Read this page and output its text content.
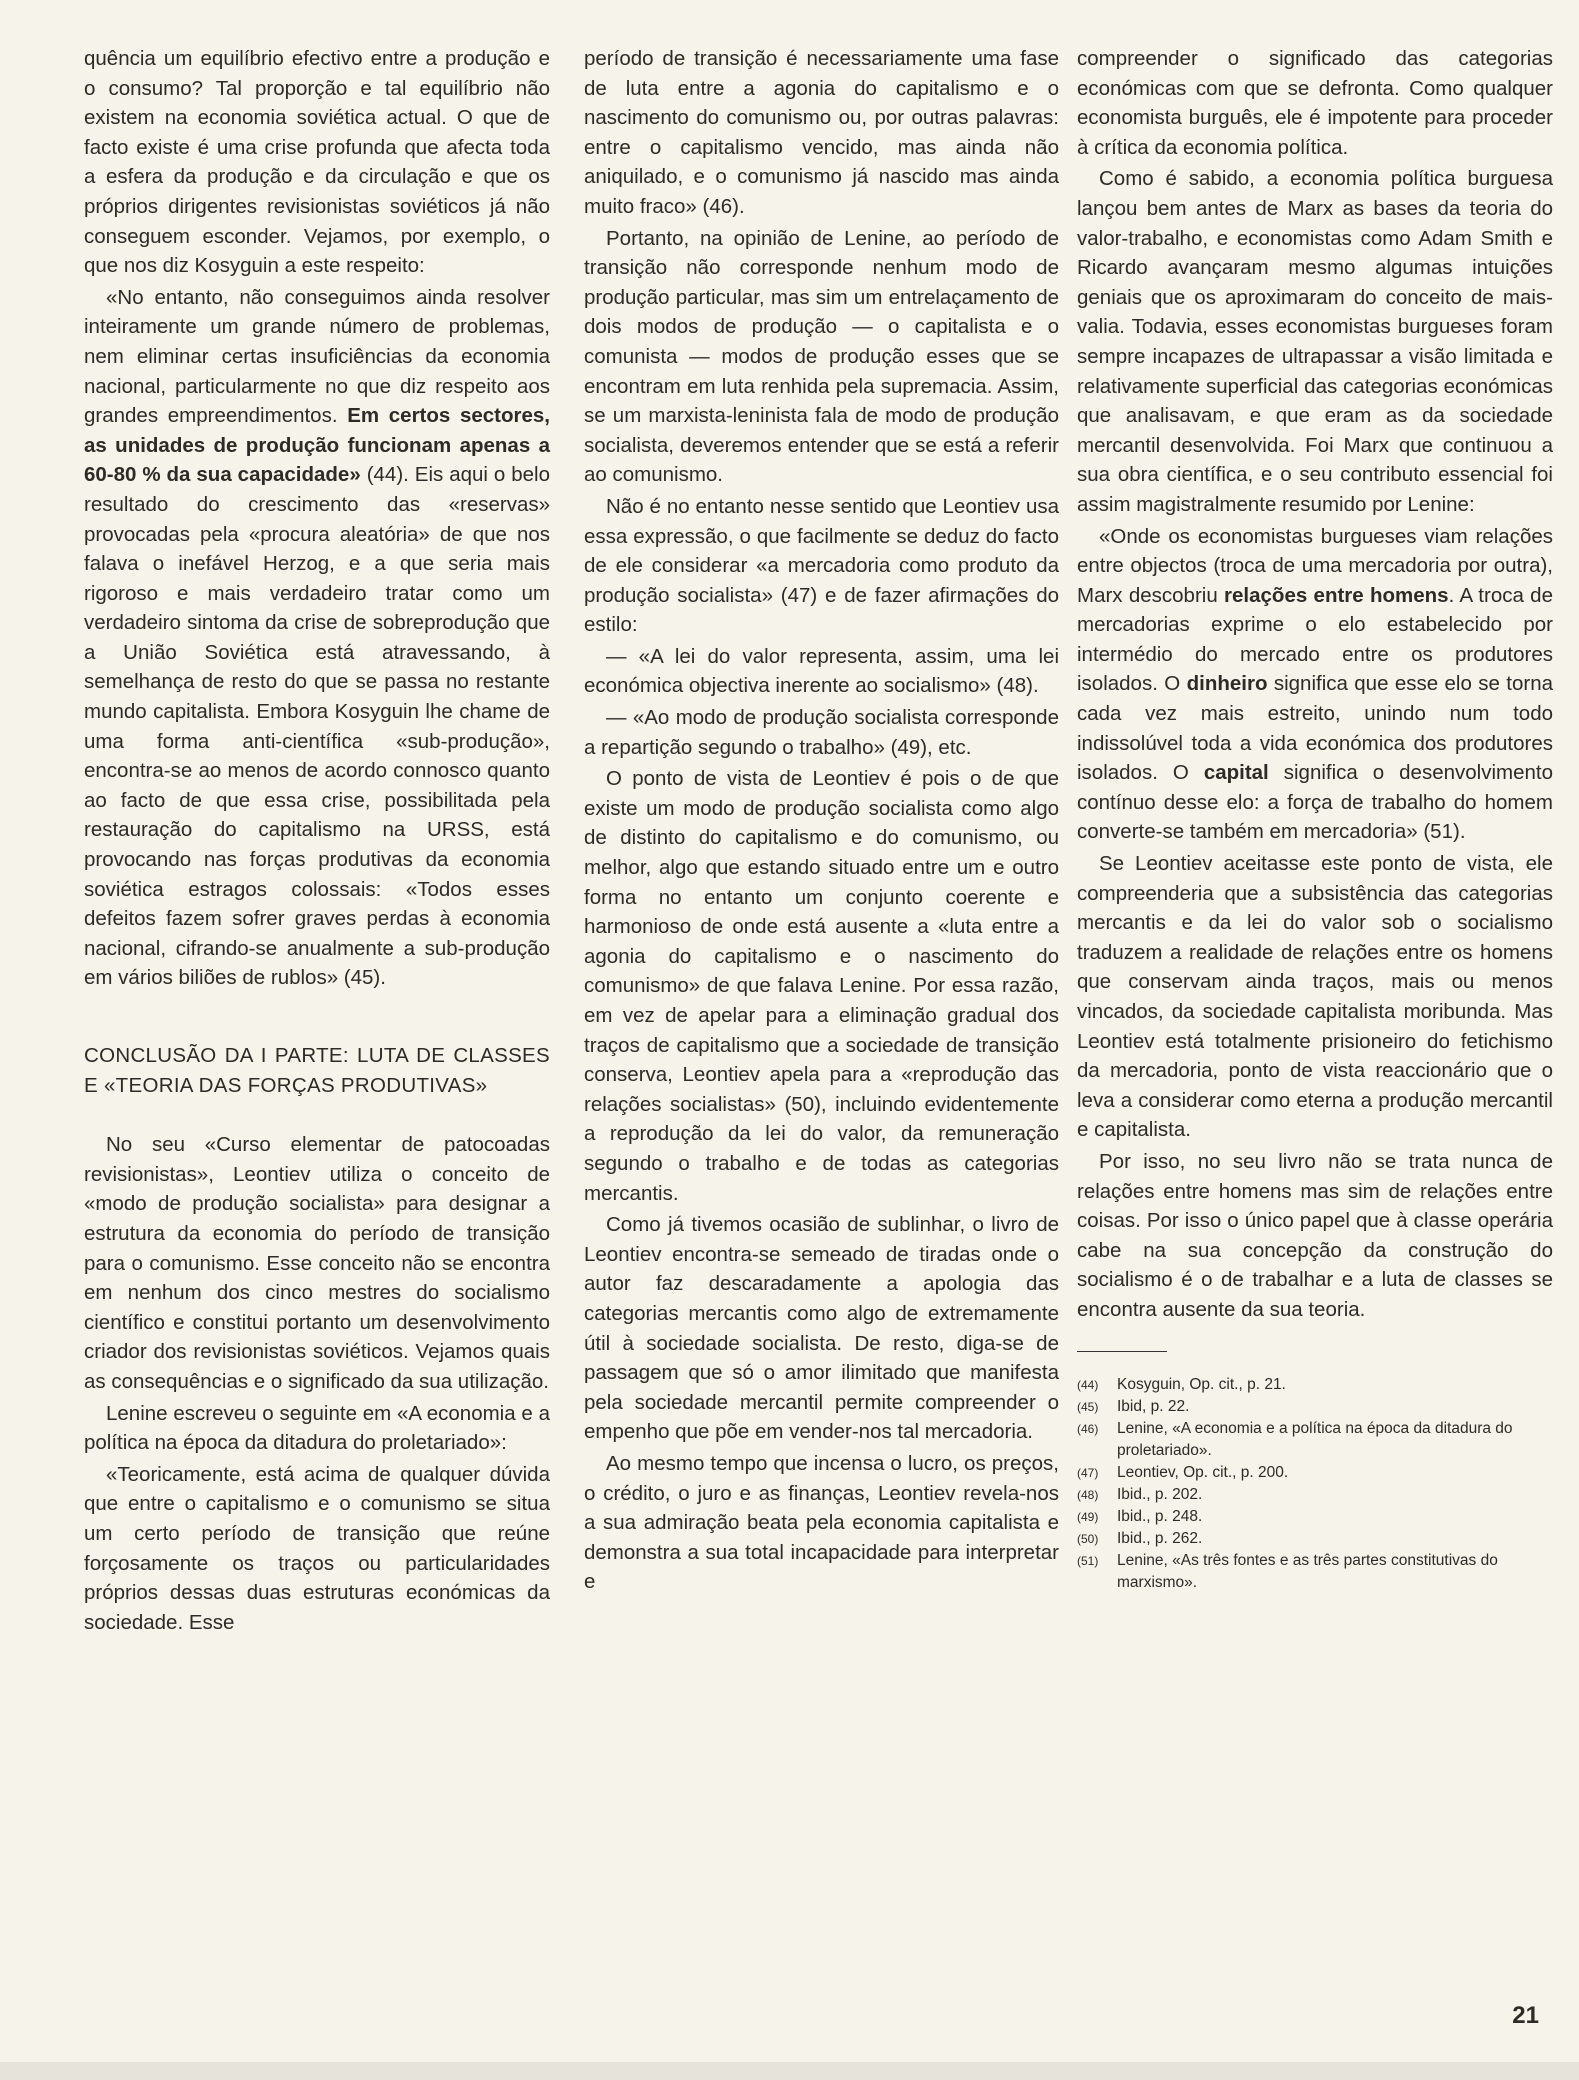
quência um equilíbrio efectivo entre a produção e o consumo? Tal proporção e tal equilíbrio não existem na economia soviética actual. O que de facto existe é uma crise profunda que afecta toda a esfera da produção e da circulação e que os próprios dirigentes revisionistas soviéticos já não conseguem esconder. Vejamos, por exemplo, o que nos diz Kosyguin a este respeito:

«No entanto, não conseguimos ainda resolver inteiramente um grande número de problemas, nem eliminar certas insuficiências da economia nacional, particularmente no que diz respeito aos grandes empreendimentos. Em certos sectores, as unidades de produção funcionam apenas a 60-80 % da sua capacidade» (44). Eis aqui o belo resultado do crescimento das «reservas» provocadas pela «procura aleatória» de que nos falava o inefável Herzog, e a que seria mais rigoroso e mais verdadeiro tratar como um verdadeiro sintoma da crise de sobreprodução que a União Soviética está atravessando, à semelhança de resto do que se passa no restante mundo capitalista. Embora Kosyguin lhe chame de uma forma anti-científica «sub-produção», encontra-se ao menos de acordo connosco quanto ao facto de que essa crise, possibilitada pela restauração do capitalismo na URSS, está provocando nas forças produtivas da economia soviética estragos colossais: «Todos esses defeitos fazem sofrer graves perdas à economia nacional, cifrando-se anualmente a sub-produção em vários biliões de rublos» (45).

CONCLUSÃO DA I PARTE: LUTA DE CLASSES E «TEORIA DAS FORÇAS PRODUTIVAS»

No seu «Curso elementar de patocoadas revisionistas», Leontiev utiliza o conceito de «modo de produção socialista» para designar a estrutura da economia do período de transição para o comunismo. Esse conceito não se encontra em nenhum dos cinco mestres do socialismo científico e constitui portanto um desenvolvimento criador dos revisionistas soviéticos. Vejamos quais as consequências e o significado da sua utilização.

Lenine escreveu o seguinte em «A economia e a política na época da ditadura do proletariado»:

«Teoricamente, está acima de qualquer dúvida que entre o capitalismo e o comunismo se situa um certo período de transição que reúne forçosamente os traços ou particularidades próprios dessas duas estruturas económicas da sociedade. Esse

período de transição é necessariamente uma fase de luta entre a agonia do capitalismo e o nascimento do comunismo ou, por outras palavras: entre o capitalismo vencido, mas ainda não aniquilado, e o comunismo já nascido mas ainda muito fraco» (46).

Portanto, na opinião de Lenine, ao período de transição não corresponde nenhum modo de produção particular, mas sim um entrelaçamento de dois modos de produção — o capitalista e o comunista — modos de produção esses que se encontram em luta renhida pela supremacia. Assim, se um marxista-leninista fala de modo de produção socialista, deveremos entender que se está a referir ao comunismo.

Não é no entanto nesse sentido que Leontiev usa essa expressão, o que facilmente se deduz do facto de ele considerar «a mercadoria como produto da produção socialista» (47) e de fazer afirmações do estilo:

— «A lei do valor representa, assim, uma lei económica objectiva inerente ao socialismo» (48).

— «Ao modo de produção socialista corresponde a repartição segundo o trabalho» (49), etc.

O ponto de vista de Leontiev é pois o de que existe um modo de produção socialista como algo de distinto do capitalismo e do comunismo, ou melhor, algo que estando situado entre um e outro forma no entanto um conjunto coerente e harmonioso de onde está ausente a «luta entre a agonia do capitalismo e o nascimento do comunismo» de que falava Lenine. Por essa razão, em vez de apelar para a eliminação gradual dos traços de capitalismo que a sociedade de transição conserva, Leontiev apela para a «reprodução das relações socialistas» (50), incluindo evidentemente a reprodução da lei do valor, da remuneração segundo o trabalho e de todas as categorias mercantis.

Como já tivemos ocasião de sublinhar, o livro de Leontiev encontra-se semeado de tiradas onde o autor faz descaradamente a apologia das categorias mercantis como algo de extremamente útil à sociedade socialista. De resto, diga-se de passagem que só o amor ilimitado que manifesta pela sociedade mercantil permite compreender o empenho que põe em vender-nos tal mercadoria.

Ao mesmo tempo que incensa o lucro, os preços, o crédito, o juro e as finanças, Leontiev revela-nos a sua admiração beata pela economia capitalista e demonstra a sua total incapacidade para interpretar e

compreender o significado das categorias económicas com que se defronta. Como qualquer economista burguês, ele é impotente para proceder à crítica da economia política.

Como é sabido, a economia política burguesa lançou bem antes de Marx as bases da teoria do valor-trabalho, e economistas como Adam Smith e Ricardo avançaram mesmo algumas intuições geniais que os aproximaram do conceito de mais-valia. Todavia, esses economistas burgueses foram sempre incapazes de ultrapassar a visão limitada e relativamente superficial das categorias económicas que analisavam, e que eram as da sociedade mercantil desenvolvida. Foi Marx que continuou a sua obra científica, e o seu contributo essencial foi assim magistralmente resumido por Lenine:

«Onde os economistas burgueses viam relações entre objectos (troca de uma mercadoria por outra), Marx descobriu relações entre homens. A troca de mercadorias exprime o elo estabelecido por intermédio do mercado entre os produtores isolados. O dinheiro significa que esse elo se torna cada vez mais estreito, unindo num todo indissolúvel toda a vida económica dos produtores isolados. O capital significa o desenvolvimento contínuo desse elo: a força de trabalho do homem converte-se também em mercadoria» (51).

Se Leontiev aceitasse este ponto de vista, ele compreenderia que a subsistência das categorias mercantis e da lei do valor sob o socialismo traduzem a realidade de relações entre os homens que conservam ainda traços, mais ou menos vincados, da sociedade capitalista moribunda. Mas Leontiev está totalmente prisioneiro do fetichismo da mercadoria, ponto de vista reaccionário que o leva a considerar como eterna a produção mercantil e capitalista.

Por isso, no seu livro não se trata nunca de relações entre homens mas sim de relações entre coisas. Por isso o único papel que à classe operária cabe na sua concepção da construção do socialismo é o de trabalhar e a luta de classes se encontra ausente da sua teoria.

(44)	Kosyguin, Op. cit., p. 21.
(45)	Ibid, p. 22.
(46)	Lenine, «A economia e a política na época da ditadura do proletariado».
(47)	Leontiev, Op. cit., p. 200.
(48)	Ibid., p. 202.
(49)	Ibid., p. 248.
(50)	Ibid., p. 262.
(51)	Lenine, «As três fontes e as três partes constitutivas do marxismo».
21
